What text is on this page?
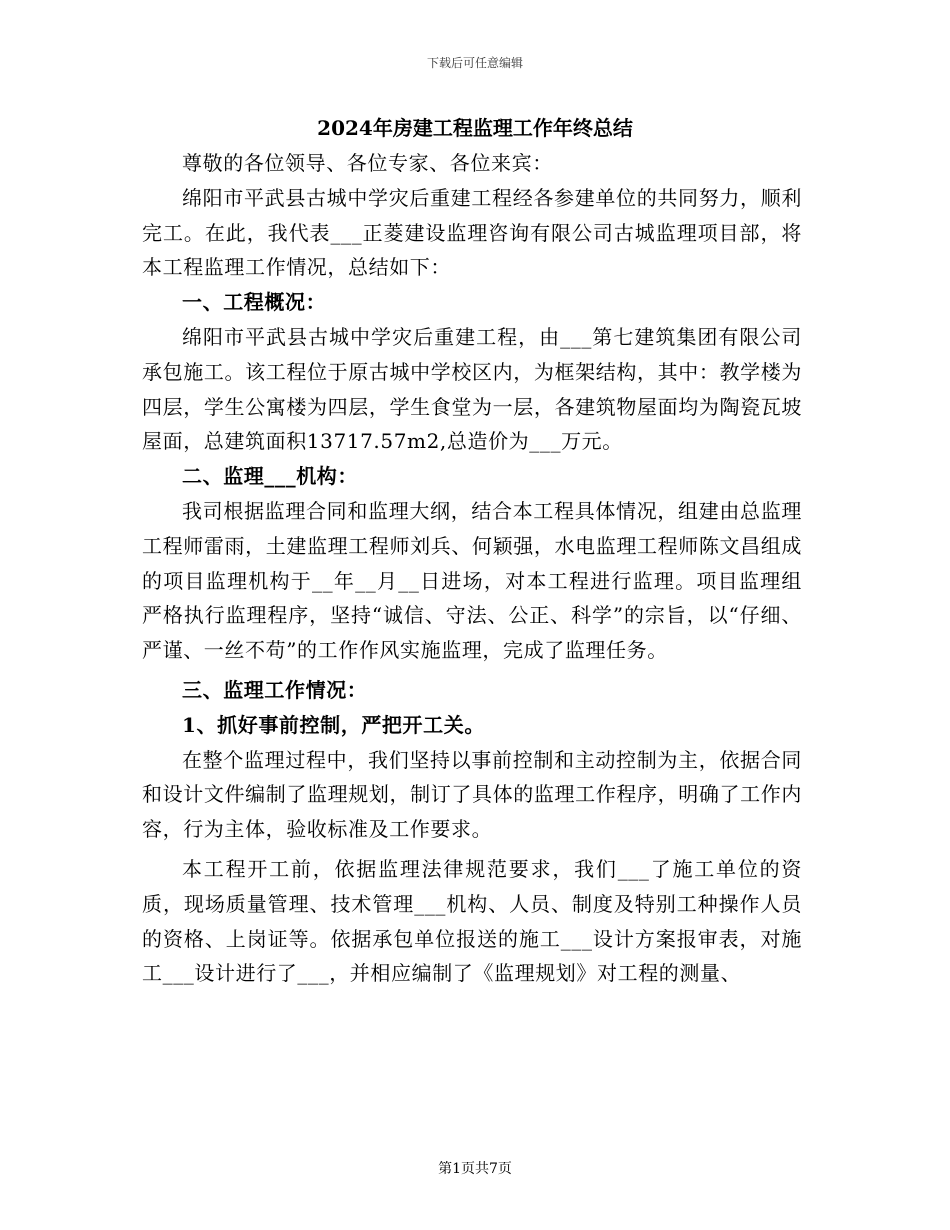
下载后可任意编辑
2024年房建工程监理工作年终总结

尊敬的各位领导、各位专家、各位来宾：

绵阳市平武县古城中学灾后重建工程经各参建单位的共同努力，顺利完工。在此，我代表___正菱建设监理咨询有限公司古城监理项目部，将本工程监理工作情况，总结如下：

一、工程概况：

绵阳市平武县古城中学灾后重建工程，由___第七建筑集团有限公司承包施工。该工程位于原古城中学校区内，为框架结构，其中：教学楼为四层，学生公寓楼为四层，学生食堂为一层，各建筑物屋面均为陶瓷瓦坡屋面，总建筑面积13717.57m2,总造价为___万元。

二、监理___机构：

我司根据监理合同和监理大纲，结合本工程具体情况，组建由总监理工程师雷雨，土建监理工程师刘兵、何颖强，水电监理工程师陈文昌组成的项目监理机构于__年__月__日进场，对本工程进行监理。项目监理组严格执行监理程序，坚持“诚信、守法、公正、科学”的宗旨，以“仔细、严谨、一丝不苟”的工作作风实施监理，完成了监理任务。

三、监理工作情况：

1、抓好事前控制，严把开工关。

在整个监理过程中，我们坚持以事前控制和主动控制为主，依据合同和设计文件编制了监理规划，制订了具体的监理工作程序，明确了工作内容，行为主体，验收标准及工作要求。

本工程开工前，依据监理法律规范要求，我们___了施工单位的资质，现场质量管理、技术管理___机构、人员、制度及特别工种操作人员的资格、上岗证等。依据承包单位报送的施工___设计方案报审表，对施工___设计进行了___，并相应编制了《监理规划》对工程的测量、

第1页共7页
